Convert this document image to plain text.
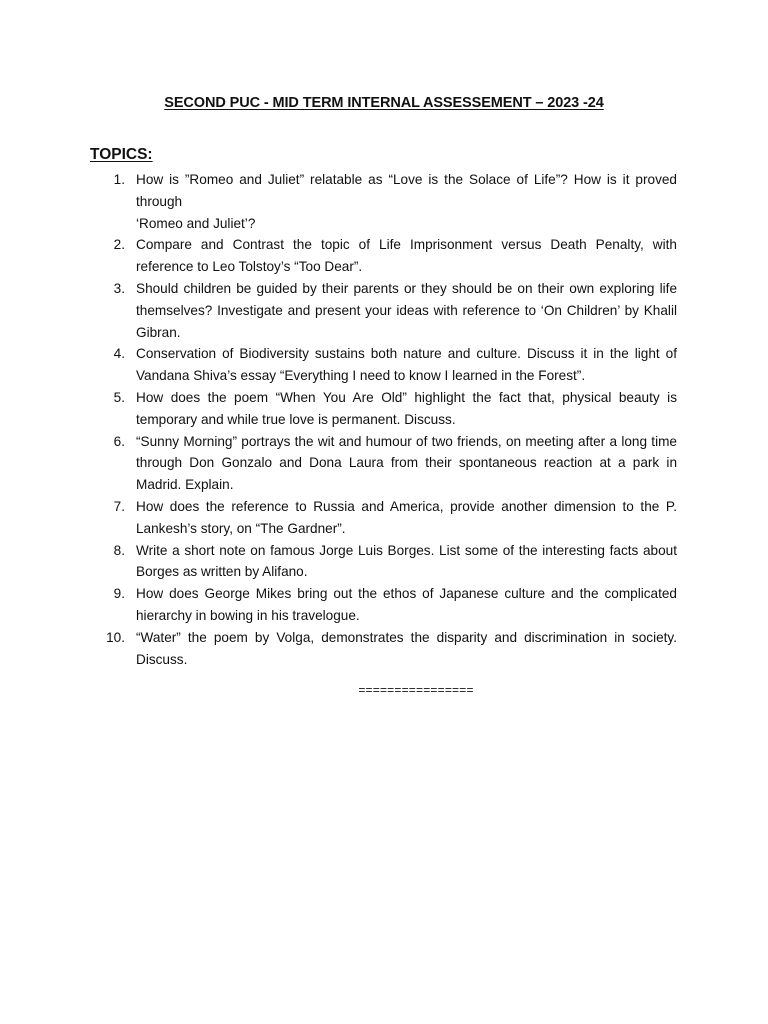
SECOND PUC - MID TERM INTERNAL ASSESSEMENT – 2023 -24
TOPICS:
1. How is ”Romeo and Juliet” relatable as “Love is the Solace of Life”? How is it proved through
‘Romeo and Juliet’?
2. Compare and Contrast the topic of Life Imprisonment versus Death Penalty, with reference to Leo Tolstoy’s “Too Dear”.
3. Should children be guided by their parents or they should be on their own exploring life themselves? Investigate and present your ideas with reference to ‘On Children’ by Khalil Gibran.
4. Conservation of Biodiversity sustains both nature and culture. Discuss it in the light of Vandana Shiva’s essay “Everything I need to know I learned in the Forest”.
5. How does the poem “When You Are Old” highlight the fact that, physical beauty is temporary and while true love is permanent. Discuss.
6. “Sunny Morning” portrays the wit and humour of two friends, on meeting after a long time through Don Gonzalo and Dona Laura from their spontaneous reaction at a park in Madrid. Explain.
7. How does the reference to Russia and America, provide another dimension to the P. Lankesh’s story, on “The Gardner”.
8. Write a short note on famous Jorge Luis Borges. List some of the interesting facts about Borges as written by Alifano.
9. How does George Mikes bring out the ethos of Japanese culture and the complicated hierarchy in bowing in his travelogue.
10. “Water” the poem by Volga, demonstrates the disparity and discrimination in society. Discuss.
================
